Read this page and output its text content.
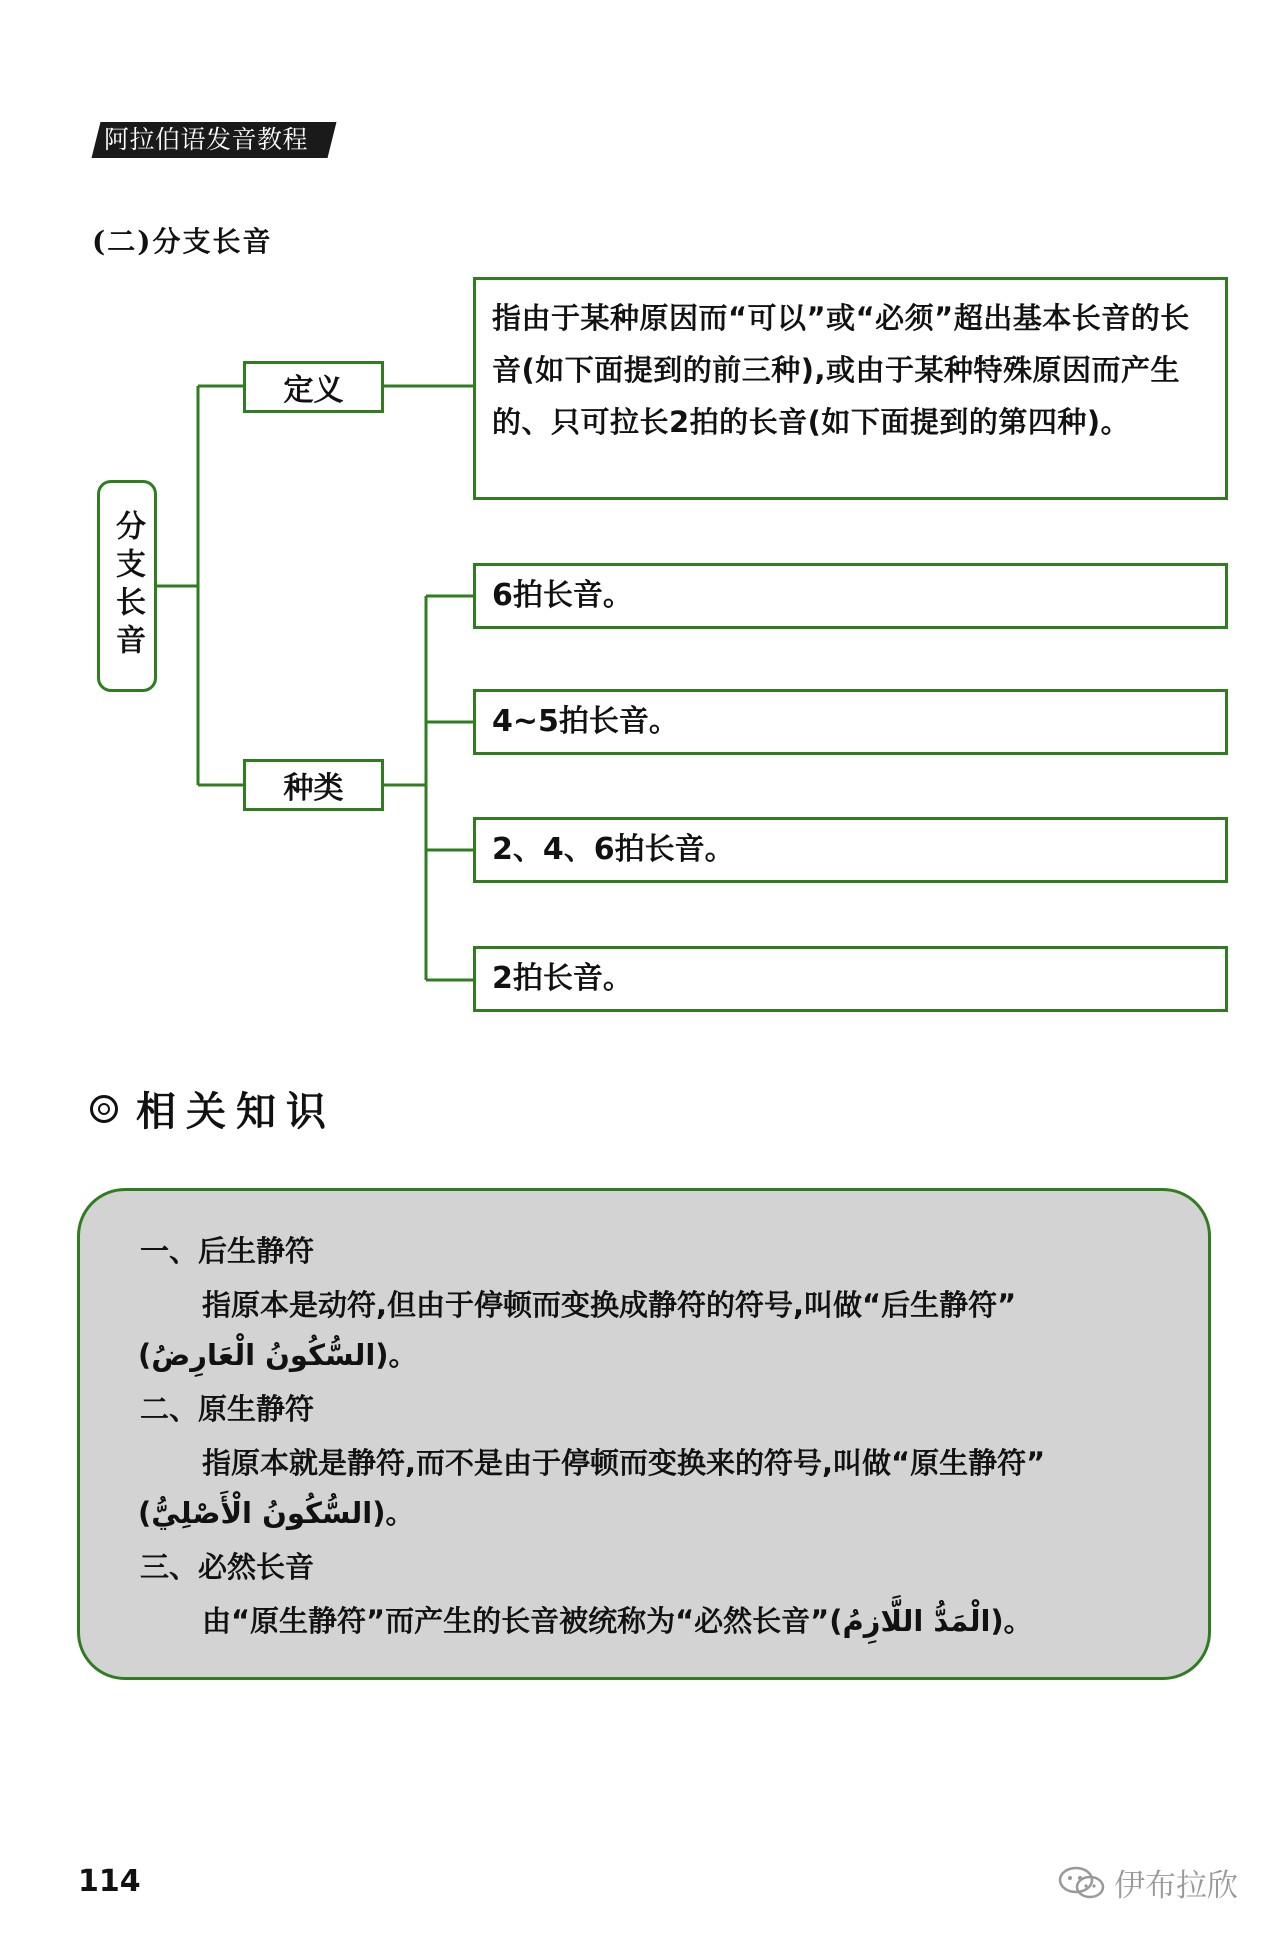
阿拉伯语发音教程
(二)分支长音
分支长音
定义
种类
指由于某种原因而“可以”或“必须”超出基本长音的长音(如下面提到的前三种),或由于某种特殊原因而产生的、只可拉长2拍的长音(如下面提到的第四种)。
6拍长音。
4~5拍长音。
2、4、6拍长音。
2拍长音。
相关知识
一、后生静符
指原本是动符,但由于停顿而变换成静符的符号,叫做“后生静符”
(السُّكُونُ الْعَارِضُ)。
二、原生静符
指原本就是静符,而不是由于停顿而变换来的符号,叫做“原生静符”
(السُّكُونُ الْأَصْلِيُّ)。
三、必然长音
由“原生静符”而产生的长音被统称为“必然长音”(الْمَدُّ اللَّازِمُ)。
114	伊布拉欣
